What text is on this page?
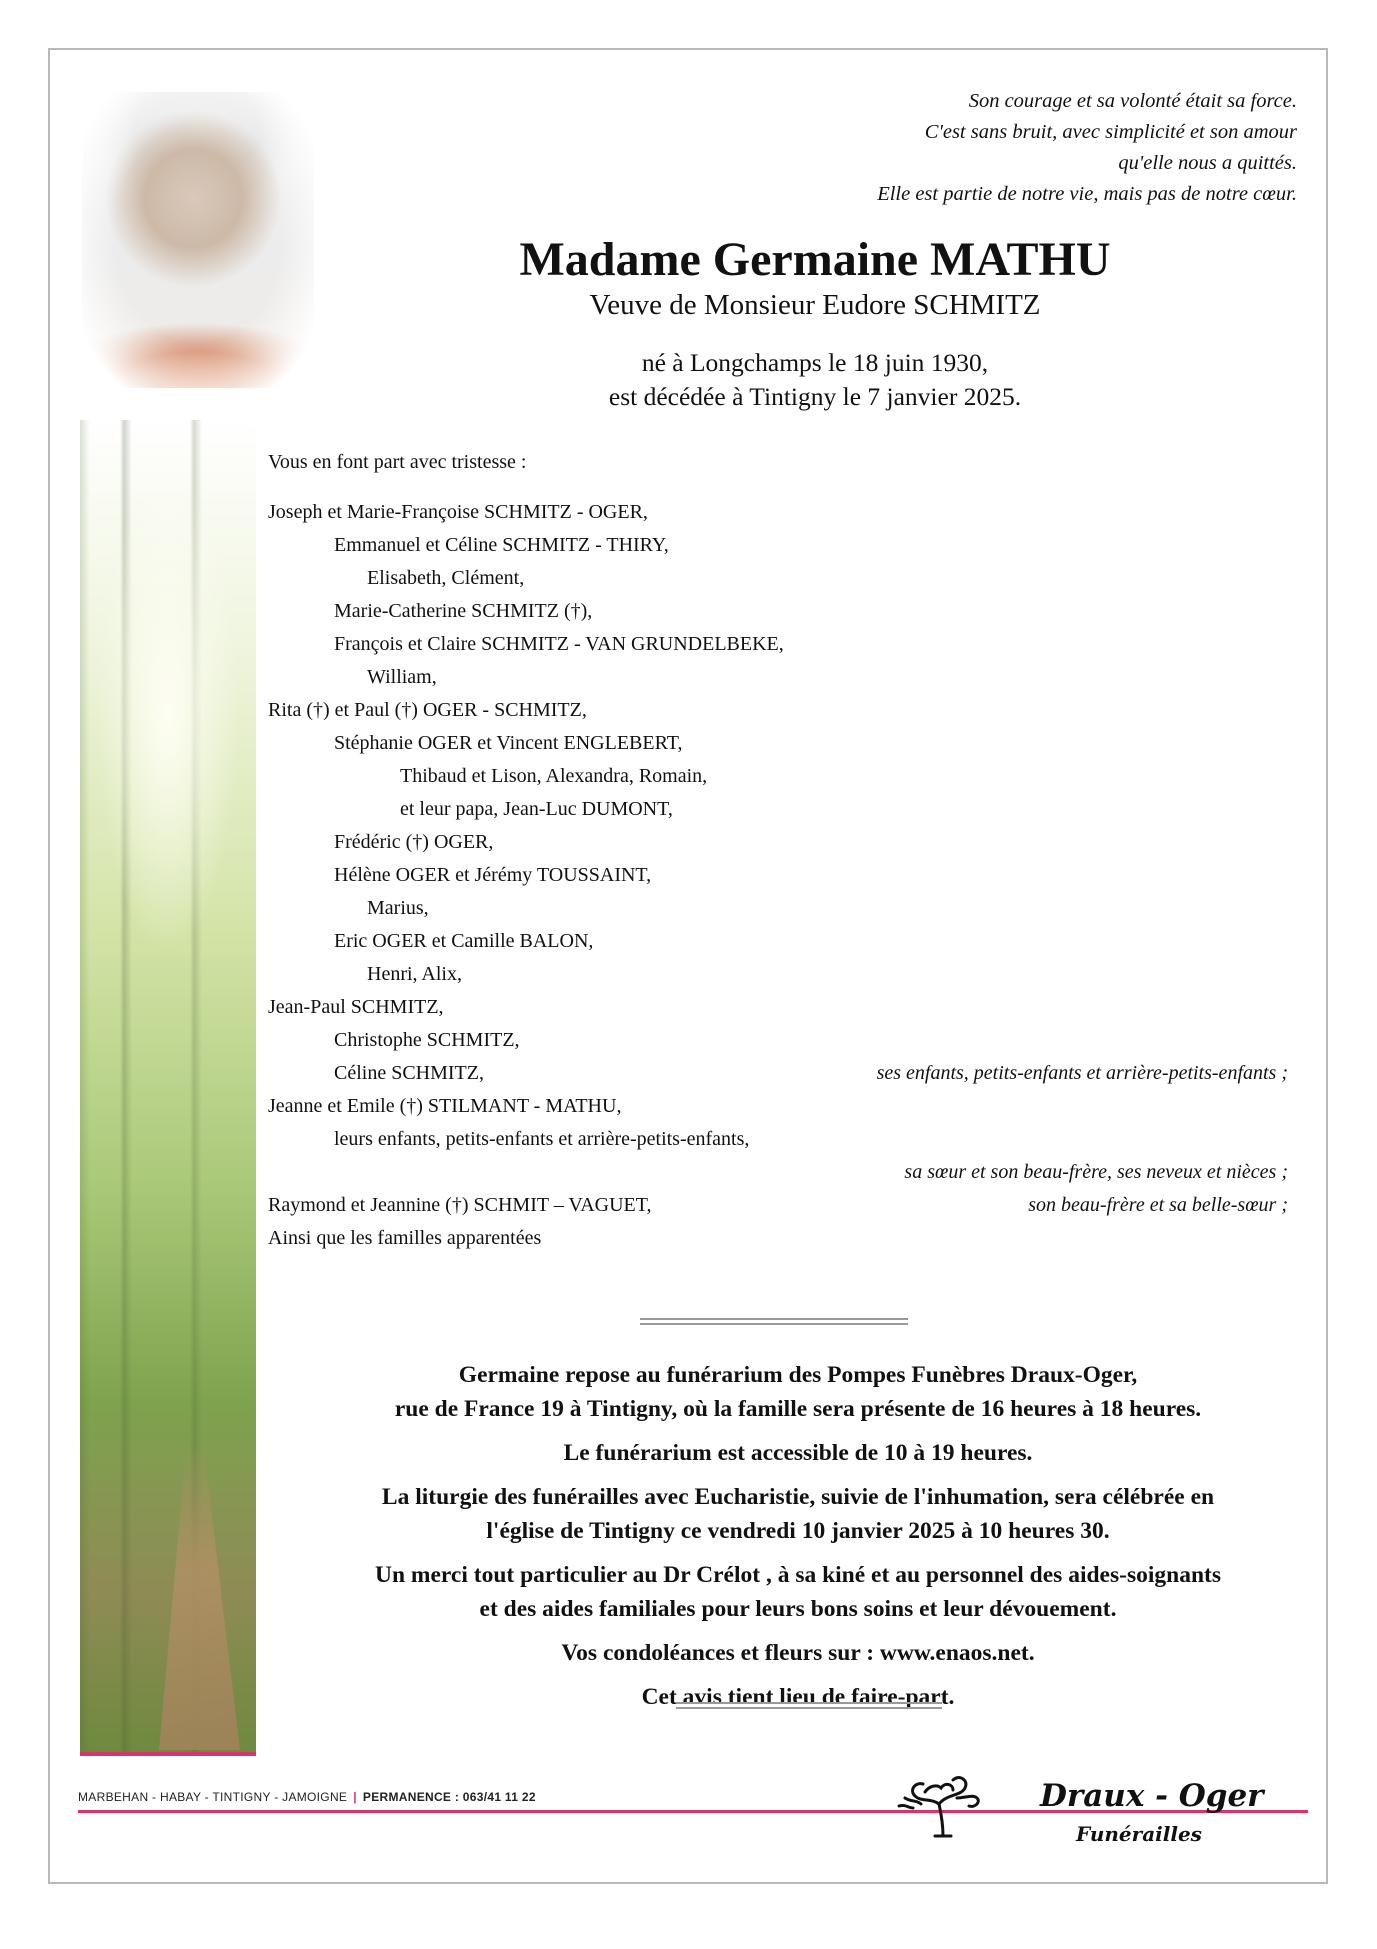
Son courage et sa volonté était sa force.
C'est sans bruit, avec simplicité et son amour
qu'elle nous a quittés.
Elle est partie de notre vie, mais pas de notre cœur.
Madame Germaine MATHU
Veuve de Monsieur Eudore SCHMITZ
né à Longchamps le 18 juin 1930,
est décédée à Tintigny le 7 janvier 2025.
Vous en font part avec tristesse :
Joseph et Marie-Françoise SCHMITZ - OGER,
Emmanuel et Céline SCHMITZ - THIRY,
Elisabeth, Clément,
Marie-Catherine SCHMITZ (†),
François et Claire SCHMITZ - VAN GRUNDELBEKE,
William,
Rita (†) et Paul (†) OGER - SCHMITZ,
Stéphanie OGER et Vincent ENGLEBERT,
Thibaud et Lison, Alexandra, Romain,
et leur papa, Jean-Luc DUMONT,
Frédéric (†) OGER,
Hélène OGER et Jérémy TOUSSAINT,
Marius,
Eric OGER et Camille BALON,
Henri, Alix,
Jean-Paul SCHMITZ,
Christophe SCHMITZ,
Céline SCHMITZ,	ses enfants, petits-enfants et arrière-petits-enfants ;
Jeanne et Emile (†) STILMANT - MATHU,
leurs enfants, petits-enfants et arrière-petits-enfants,
sa sœur et son beau-frère, ses neveux et nièces ;
Raymond et Jeannine (†) SCHMIT – VAGUET,	son beau-frère et sa belle-sœur ;
Ainsi que les familles apparentées
Germaine repose au funérarium des Pompes Funèbres Draux-Oger,
rue de France 19 à Tintigny, où la famille sera présente de 16 heures à 18 heures.
Le funérarium est accessible de 10 à 19 heures.
La liturgie des funérailles avec Eucharistie, suivie de l'inhumation, sera célébrée en
l'église de Tintigny ce vendredi 10 janvier 2025 à 10 heures 30.
Un merci tout particulier au Dr Crélot , à sa kiné et au personnel des aides-soignants
et des aides familiales pour leurs bons soins et leur dévouement.
Vos condoléances et fleurs sur : www.enaos.net.
Cet avis tient lieu de faire-part.
MARBEHAN - HABAY - TINTIGNY - JAMOIGNE | PERMANENCE : 063/41 11 22	Draux - Oger
Funérailles
